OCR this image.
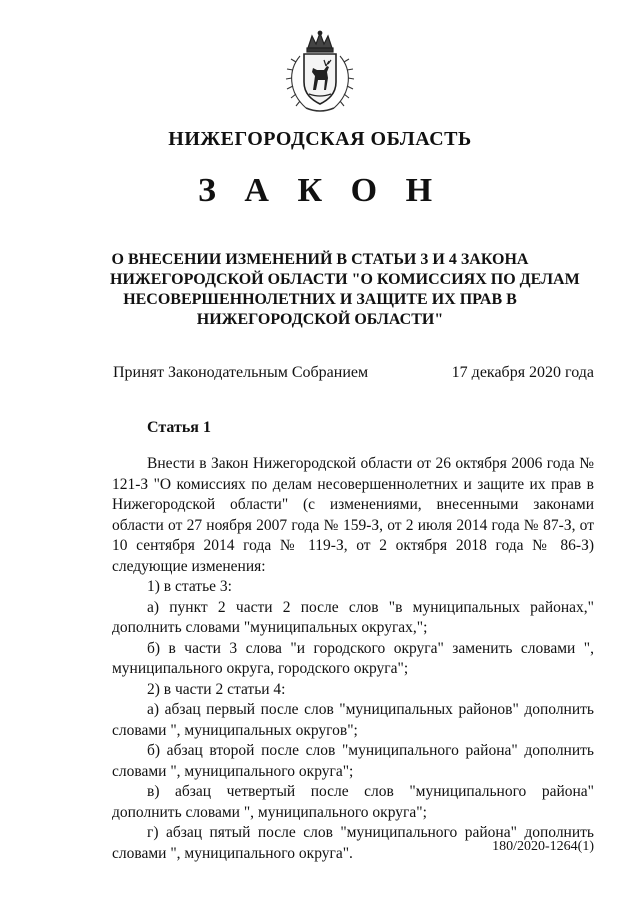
НИЖЕГОРОДСКАЯ ОБЛАСТЬ
З А К О Н
О ВНЕСЕНИИ ИЗМЕНЕНИЙ В СТАТЬИ 3 И 4 ЗАКОНА
НИЖЕГОРОДСКОЙ ОБЛАСТИ "О КОМИССИЯХ ПО ДЕЛАМ
НЕСОВЕРШЕННОЛЕТНИХ И ЗАЩИТЕ ИХ ПРАВ В
НИЖЕГОРОДСКОЙ ОБЛАСТИ"
Принят Законодательным Собранием	17 декабря 2020 года
Статья 1

Внести в Закон Нижегородской области от 26 октября 2006 года № 121-З "О комиссиях по делам несовершеннолетних и защите их прав в Нижегородской области" (с изменениями, внесенными законами области от 27 ноября 2007 года № 159-З, от 2 июля 2014 года № 87-З, от 10 сентября 2014 года № 119-З, от 2 октября 2018 года № 86-З) следующие изменения:

1) в статье 3:

а) пункт 2 части 2 после слов "в муниципальных районах," дополнить словами "муниципальных округах,";

б) в части 3 слова "и городского округа" заменить словами ", муниципального округа, городского округа";

2) в части 2 статьи 4:

а) абзац первый после слов "муниципальных районов" дополнить словами ", муниципальных округов";

б) абзац второй после слов "муниципального района" дополнить словами ", муниципального округа";

в) абзац четвертый после слов "муниципального района" дополнить словами ", муниципального округа";

г) абзац пятый после слов "муниципального района" дополнить словами ", муниципального округа".	180/2020-1264(1)
